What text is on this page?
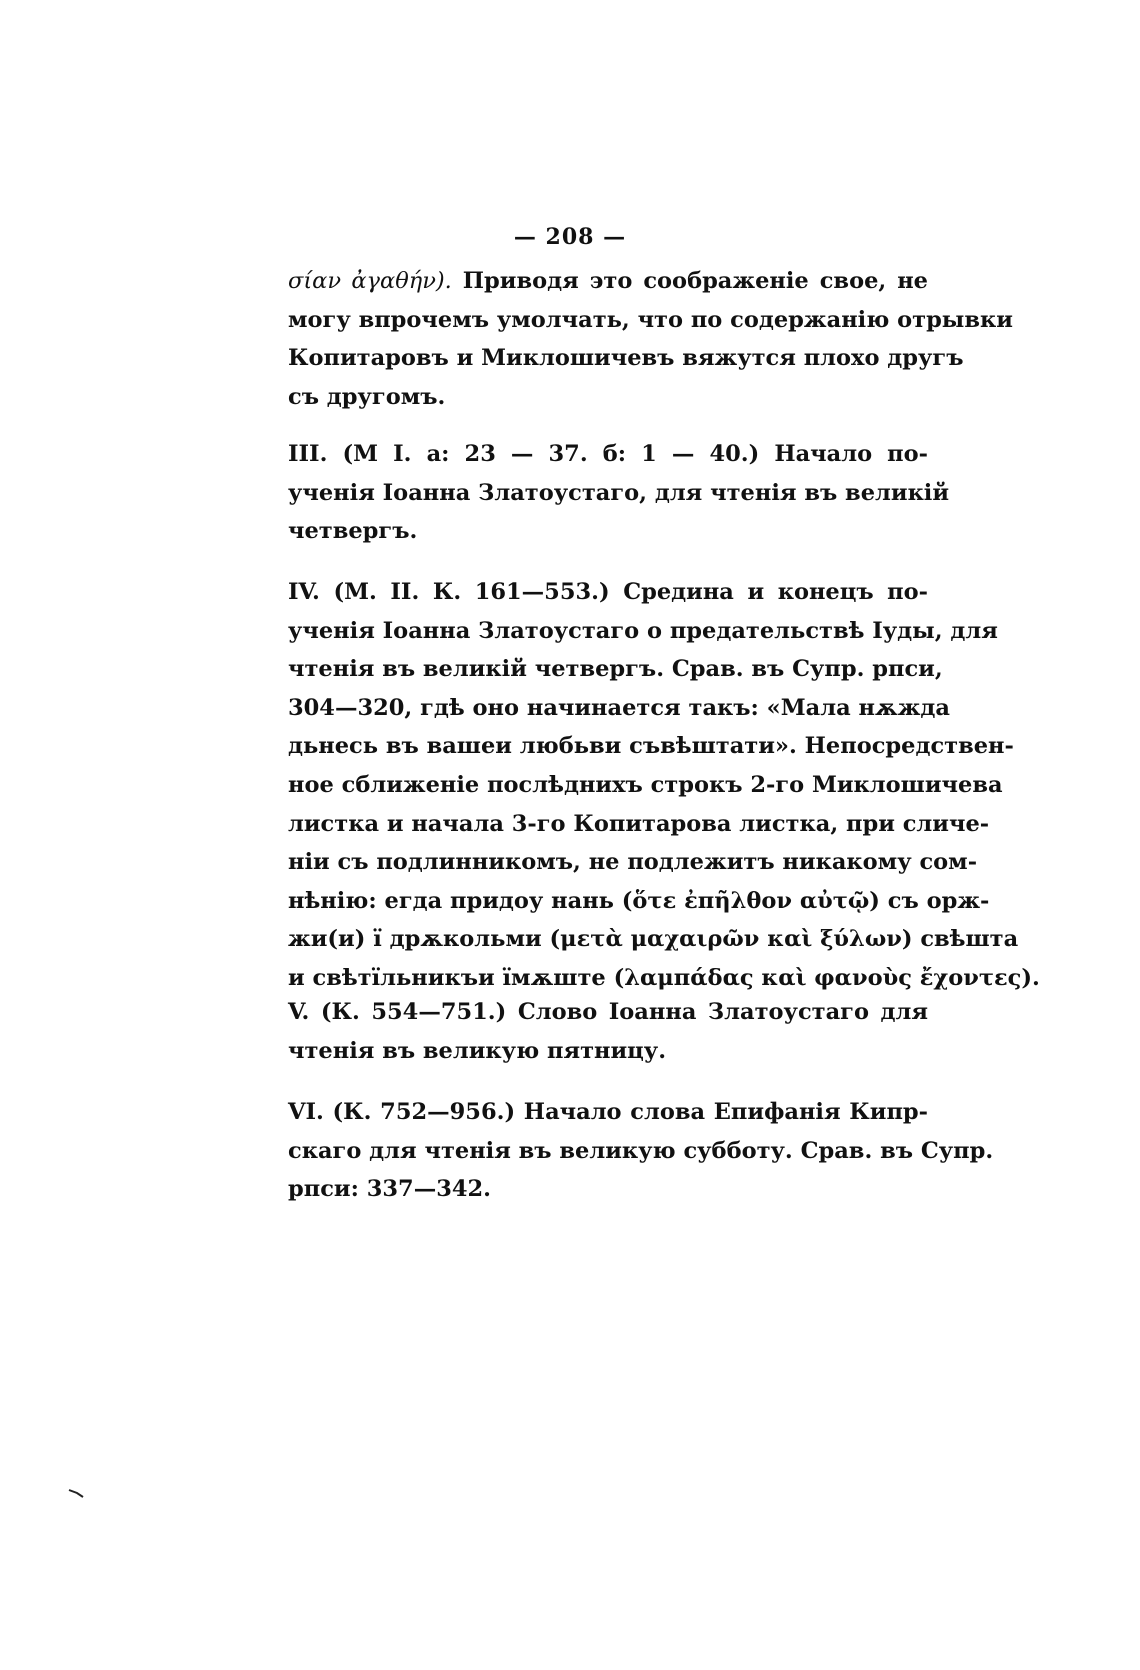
— 208 —
σίαν ἀγαθήν). Приводя это соображеніе свое, не
могу впрочемъ умолчать, что по содержанію отрывки
Копитаровъ и Миклошичевъ вяжутся плохо другъ
съ другомъ.
III. (М І. а: 23 — 37. б: 1 — 40.) Начало по-
ученія Іоанна Златоустаго, для чтенія въ великій
четвергъ.
IV. (М. II. К. 161—553.) Средина и конецъ по-
ученія Іоанна Златоустаго о предательствѣ Іуды, для
чтенія въ великій четвергъ. Срав. въ Супр. рпси,
304—320, гдѣ оно начинается такъ: «Мала нѫжда
дьнесь въ вашеи любьви съвѣштати». Непосредствен-
ное сближеніе послѣднихъ строкъ 2-го Миклошичева
листка и начала 3-го Копитарова листка, при сличе-
ніи съ подлинникомъ, не подлежитъ никакому сом-
нѣнію: егда придоу нань (ὅτε ἐπῆλθον αὐτῷ) съ орж-
жи(и) ї дрѫкольми (μετὰ μαχαιρῶν καὶ ξύλων) свѣшта
и свѣтїльникъи їмѫште (λαμπάδας καὶ φανοὺς ἔχοντες).
V. (К. 554—751.) Слово Іоанна Златоустаго для
чтенія въ великую пятницу.
VI. (К. 752—956.) Начало слова Епифанія Кипр-
скаго для чтенія въ великую субботу. Срав. въ Супр.
рпси: 337—342.
